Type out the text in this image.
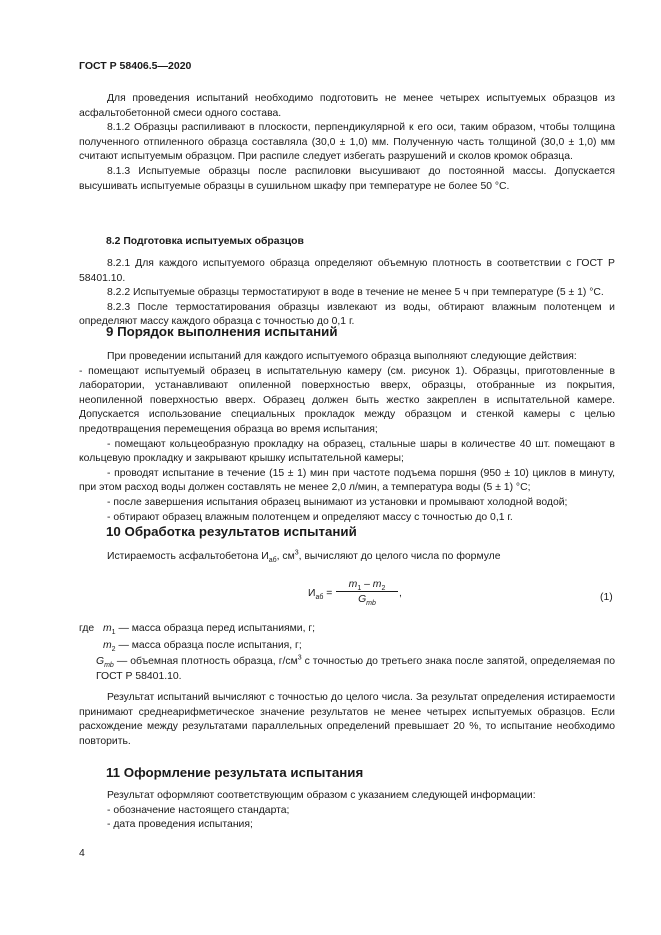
ГОСТ Р 58406.5—2020

Для проведения испытаний необходимо подготовить не менее четырех испытуемых образцов из асфальтобетонной смеси одного состава.

8.1.2 Образцы распиливают в плоскости, перпендикулярной к его оси, таким образом, чтобы толщина полученного отпиленного образца составляла (30,0 ± 1,0) мм. Полученную часть толщиной (30,0 ± 1,0) мм считают испытуемым образцом. При распиле следует избегать разрушений и сколов кромок образца.

8.1.3 Испытуемые образцы после распиловки высушивают до постоянной массы. Допускается высушивать испытуемые образцы в сушильном шкафу при температуре не более 50 °С.

8.2 Подготовка испытуемых образцов

8.2.1 Для каждого испытуемого образца определяют объемную плотность в соответствии с ГОСТ Р 58401.10.

8.2.2 Испытуемые образцы термостатируют в воде в течение не менее 5 ч при температуре (5 ± 1) °С.

8.2.3 После термостатирования образцы извлекают из воды, обтирают влажным полотенцем и определяют массу каждого образца с точностью до 0,1 г.

9 Порядок выполнения испытаний

При проведении испытаний для каждого испытуемого образца выполняют следующие действия:

- помещают испытуемый образец в испытательную камеру (см. рисунок 1). Образцы, приготовленные в лаборатории, устанавливают опиленной поверхностью вверх, образцы, отобранные из покрытия, неопиленной поверхностью вверх. Образец должен быть жестко закреплен в испытательной камере. Допускается использование специальных прокладок между образцом и стенкой камеры с целью предотвращения перемещения образца во время испытания;

- помещают кольцеобразную прокладку на образец, стальные шары в количестве 40 шт. помещают в кольцевую прокладку и закрывают крышку испытательной камеры;

- проводят испытание в течение (15 ± 1) мин при частоте подъема поршня (950 ± 10) циклов в минуту, при этом расход воды должен составлять не менее 2,0 л/мин, а температура воды (5 ± 1) °С;

- после завершения испытания образец вынимают из установки и промывают холодной водой;

- обтирают образец влажным полотенцем и определяют массу с точностью до 0,1 г.

10 Обработка результатов испытаний
Истираемость асфальтобетона $И_{аб}$, $см^3$, вычисляют до целого числа по формуле
$И_{аб}$ =
$m_1 - m_2$
$G_{mb}$
,	(1)
где $m_1$ — масса образца перед испытаниями, г;
$m_2$ — масса образца после испытания, г;

$G_{mb}$ — объемная плотность образца, $г/см^3$ с точностью до третьего знака после запятой, определяемая по ГОСТ Р 58401.10.

Результат испытаний вычисляют с точностью до целого числа. За результат определения истираемости принимают среднеарифметическое значение результатов не менее четырех испытуемых образцов. Если расхождение между результатами параллельных определений превышает 20 %, то испытание необходимо повторить.

11 Оформление результата испытания

Результат оформляют соответствующим образом с указанием следующей информации:

- обозначение настоящего стандарта;

- дата проведения испытания;

4
